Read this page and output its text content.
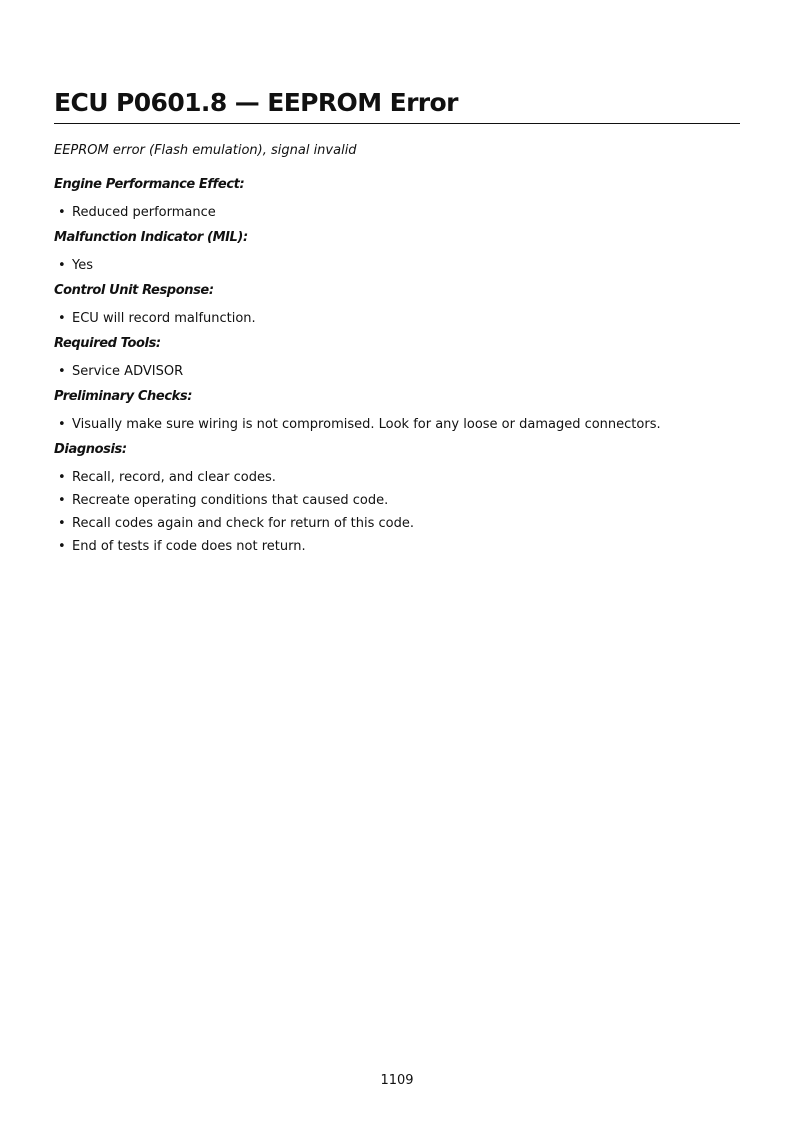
ECU P0601.8 — EEPROM Error

EEPROM error (Flash emulation), signal invalid

Engine Performance Effect:

• Reduced performance

Malfunction Indicator (MIL):

• Yes

Control Unit Response:

• ECU will record malfunction.

Required Tools:

• Service ADVISOR

Preliminary Checks:

• Visually make sure wiring is not compromised. Look for any loose or damaged connectors.

Diagnosis:

• Recall, record, and clear codes.
• Recreate operating conditions that caused code.
• Recall codes again and check for return of this code.
• End of tests if code does not return.
1109
